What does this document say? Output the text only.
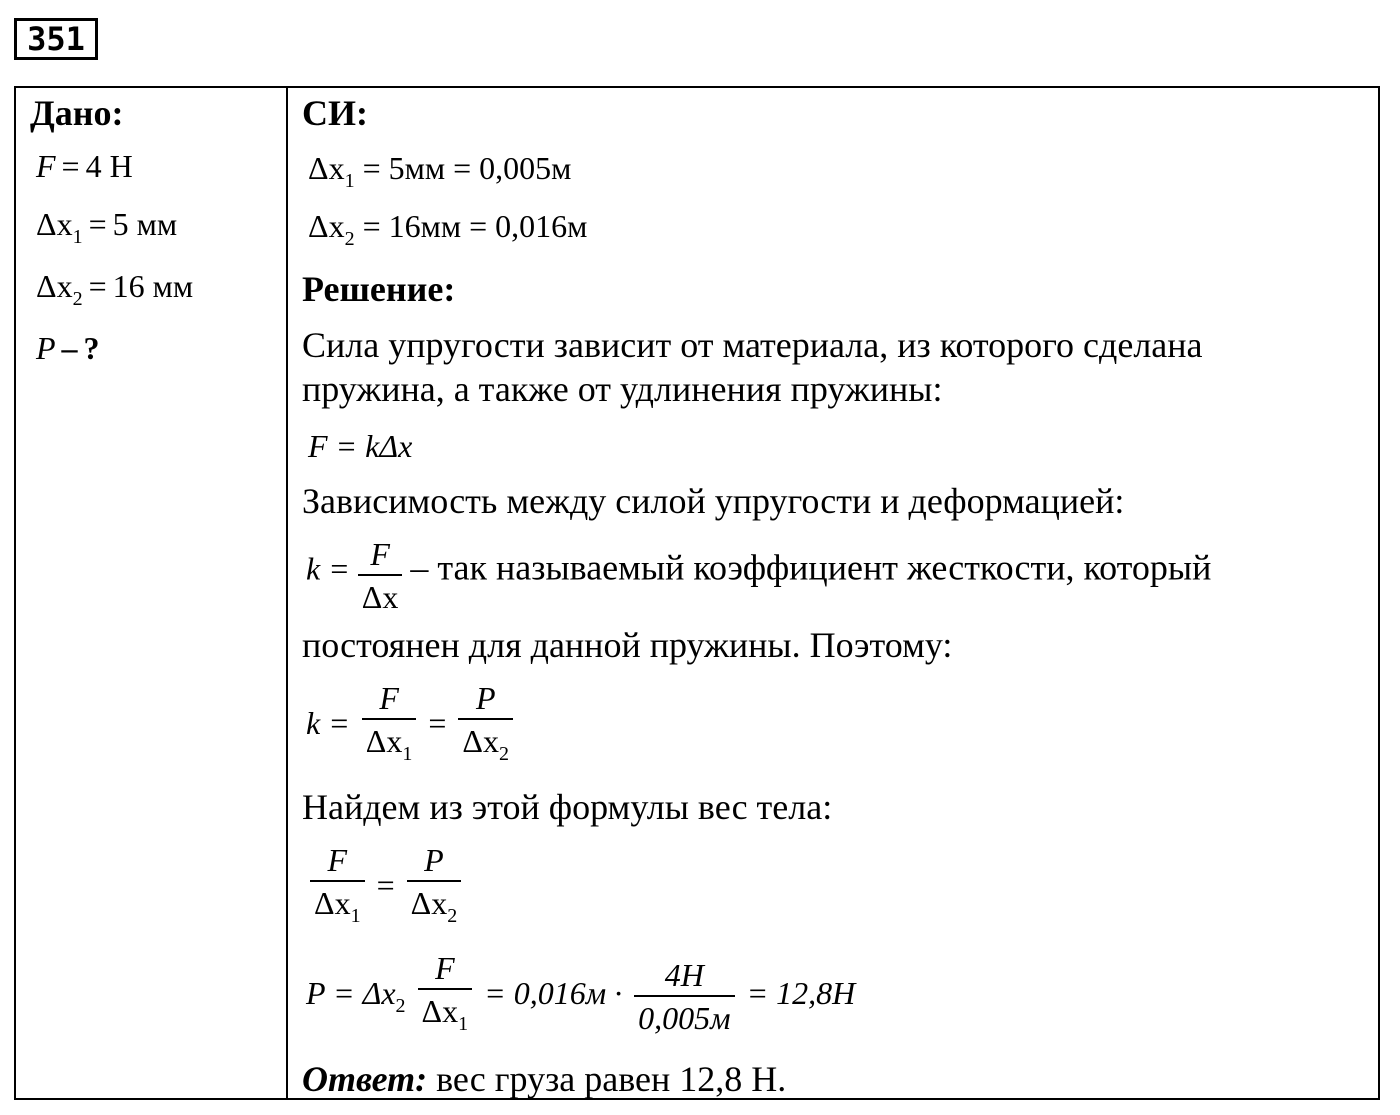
351
Дано:
F = 4 Н
$\Delta x_1 = 5$ мм
$\Delta x_2 = 16$ мм
P – ?
СИ:
$\Delta x_1 = 5мм = 0,005м$
$\Delta x_2 = 16мм = 0,016м$
Решение:
Сила упругости зависит от материала, из которого сделана
пружина, а также от удлинения пружины:
F = kΔx
Зависимость между силой упругости и деформацией:
$k = \frac{F}{\Delta x}$ – так называемый коэффициент жесткости, который
постоянен для данной пружины. Поэтому:
$k = \frac{F}{\Delta x_1} = \frac{P}{\Delta x_2}$
Найдем из этой формулы вес тела:
$\frac{F}{\Delta x_1} = \frac{P}{\Delta x_2}$
$P = \Delta x_2 \frac{F}{\Delta x_1} = 0,016м \cdot \frac{4Н}{0,005м} = 12,8Н$
Ответ: вес груза равен 12,8 Н.
